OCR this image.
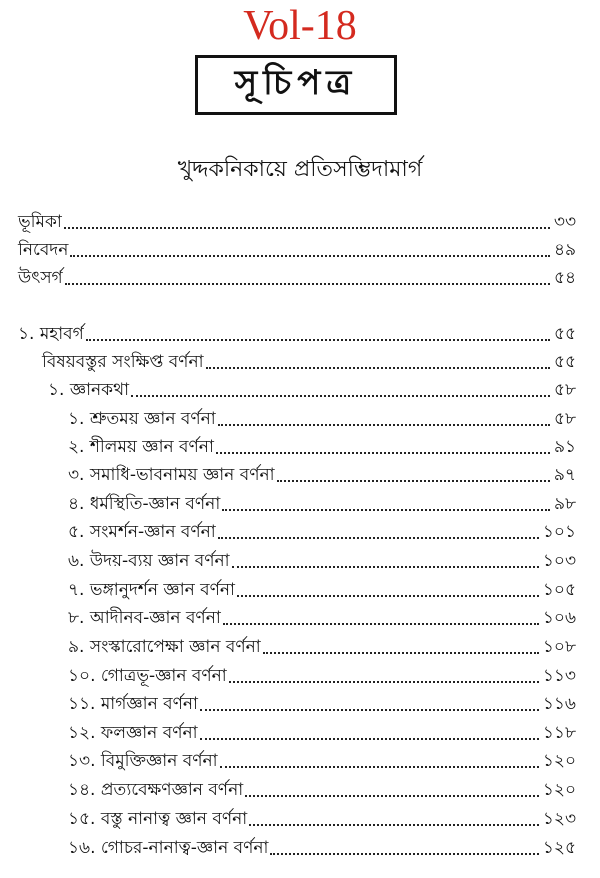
Vol-18
সূচিপত্র
খুদ্দকনিকায়ে প্রতিসম্ভিদামার্গ
ভূমিকা	৩৩
নিবেদন	৪৯
উৎসর্গ	৫৪
১. মহাবর্গ	৫৫
বিষয়বস্তুর সংক্ষিপ্ত বর্ণনা	৫৫
১. জ্ঞানকথা	৫৮
১. শ্রুতময় জ্ঞান বর্ণনা	৫৮
২. শীলময় জ্ঞান বর্ণনা	৯১
৩. সমাধি-ভাবনাময় জ্ঞান বর্ণনা	৯৭
৪. ধর্মস্থিতি-জ্ঞান বর্ণনা	৯৮
৫. সংমর্শন-জ্ঞান বর্ণনা	১০১
৬. উদয়-ব্যয় জ্ঞান বর্ণনা	১০৩
৭. ভঙ্গানুদর্শন জ্ঞান বর্ণনা	১০৫
৮. আদীনব-জ্ঞান বর্ণনা	১০৬
৯. সংস্কারোপেক্ষা জ্ঞান বর্ণনা	১০৮
১০. গোত্রভূ-জ্ঞান বর্ণনা	১১৩
১১. মার্গজ্ঞান বর্ণনা	১১৬
১২. ফলজ্ঞান বর্ণনা	১১৮
১৩. বিমুক্তিজ্ঞান বর্ণনা	১২০
১৪. প্রত্যবেক্ষণজ্ঞান বর্ণনা	১২০
১৫. বস্তু নানাত্ব জ্ঞান বর্ণনা	১২৩
১৬. গোচর-নানাত্ব-জ্ঞান বর্ণনা	১২৫
